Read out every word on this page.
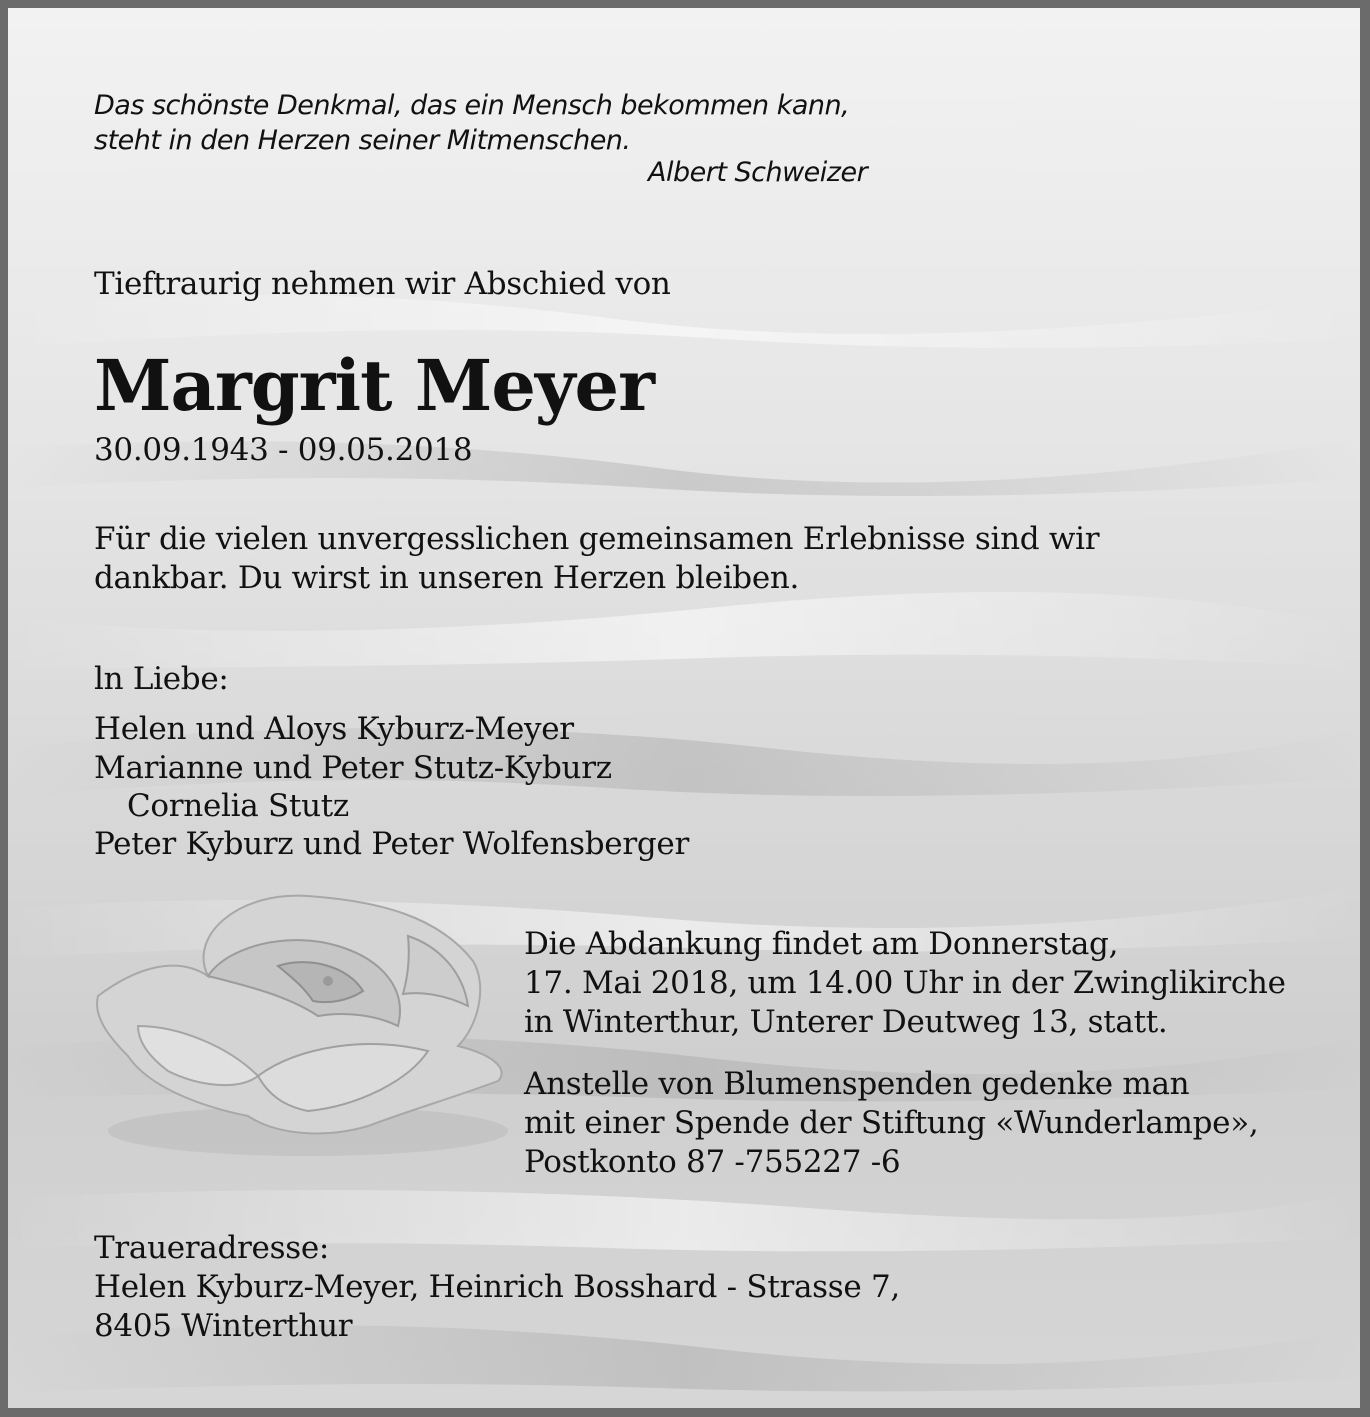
Das schönste Denkmal, das ein Mensch bekommen kann,
steht in den Herzen seiner Mitmenschen.
Albert Schweizer
Tieftraurig nehmen wir Abschied von
Margrit Meyer
30.09.1943 - 09.05.2018
Für die vielen unvergesslichen gemeinsamen Erlebnisse sind wir
dankbar. Du wirst in unseren Herzen bleiben.
ln Liebe:
Helen und Aloys Kyburz-Meyer
Marianne und Peter Stutz-Kyburz
Cornelia Stutz
Peter Kyburz und Peter Wolfensberger
Die Abdankung findet am Donnerstag,
17. Mai 2018, um 14.00 Uhr in der Zwinglikirche
in Winterthur, Unterer Deutweg 13, statt.
Anstelle von Blumenspenden gedenke man
mit einer Spende der Stiftung «Wunderlampe»,
Postkonto 87 -755227 -6
Traueradresse:
Helen Kyburz-Meyer, Heinrich Bosshard - Strasse 7,
8405 Winterthur
